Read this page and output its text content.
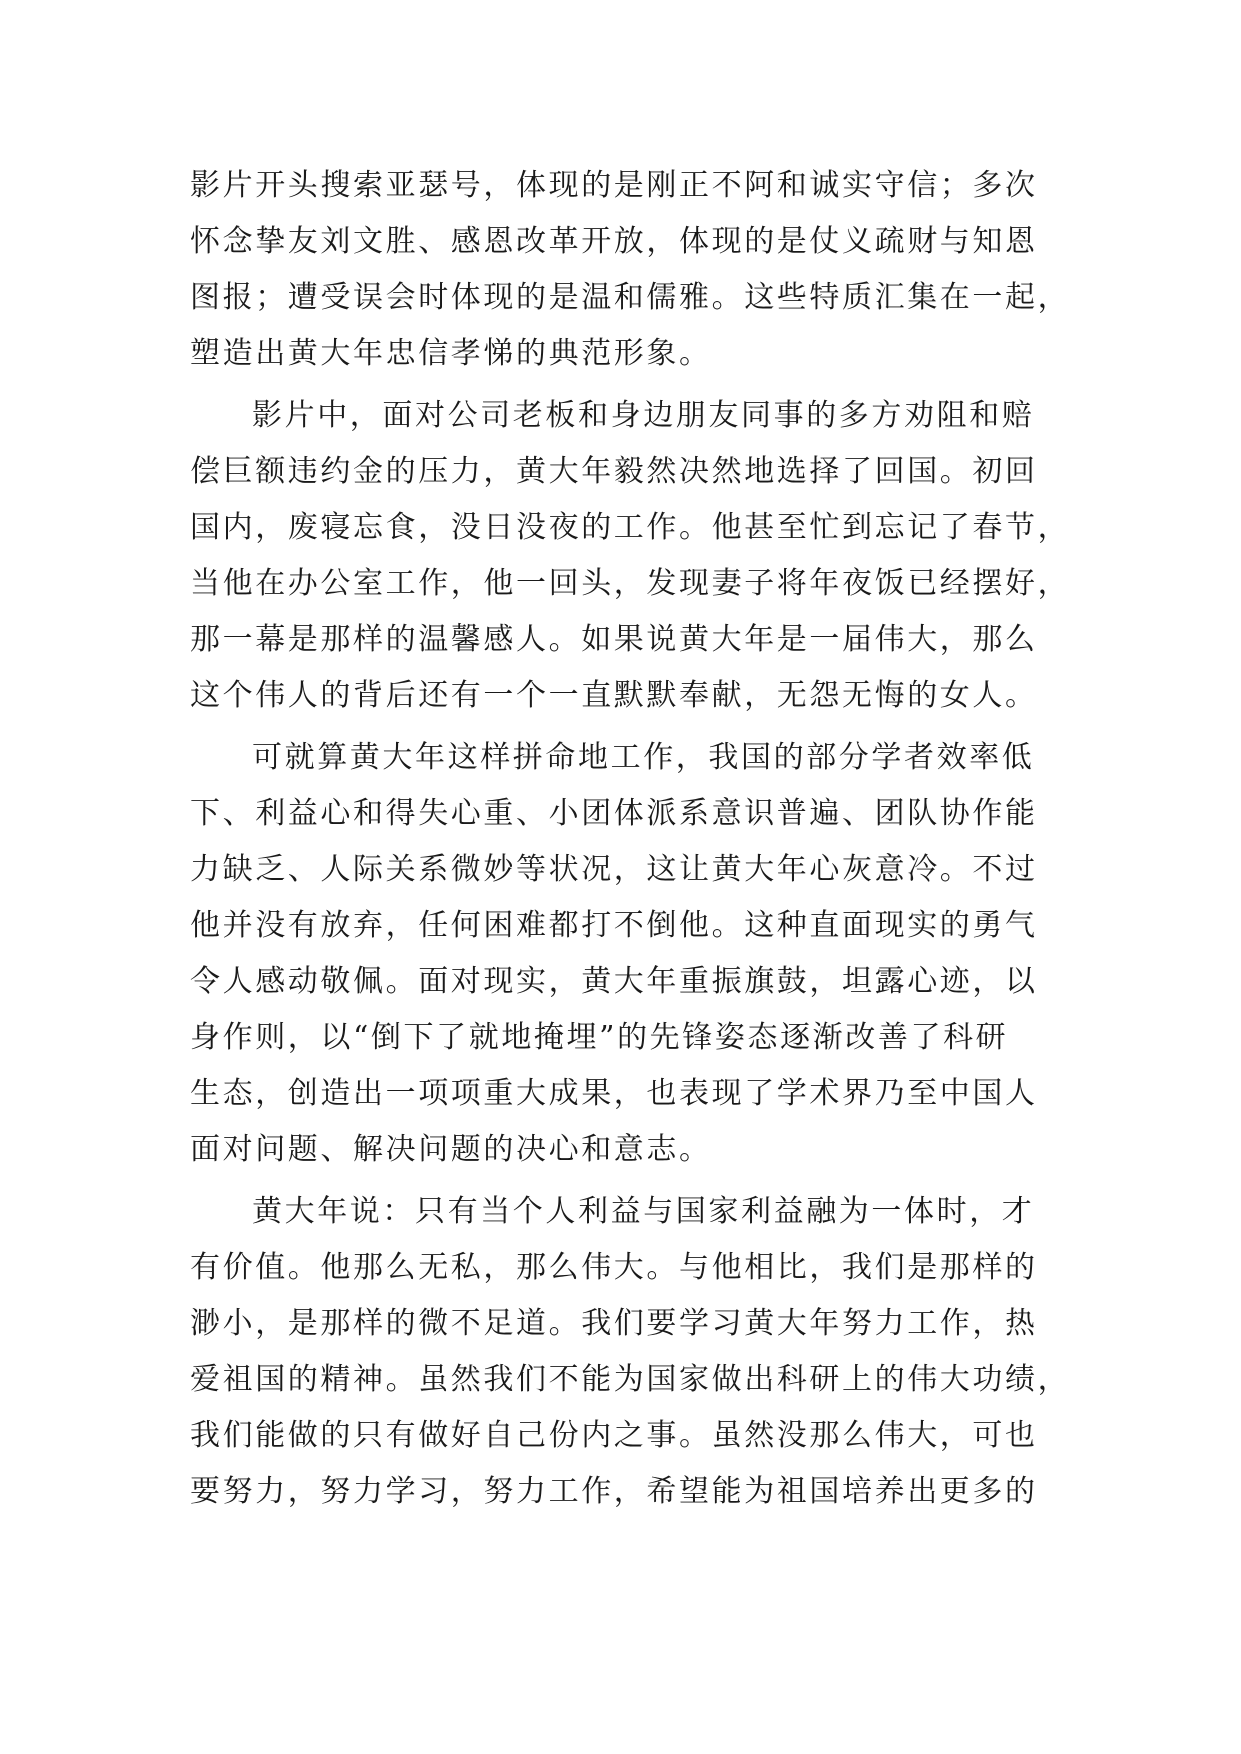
影片开头搜索亚瑟号，体现的是刚正不阿和诚实守信；多次
怀念挚友刘文胜、感恩改革开放，体现的是仗义疏财与知恩
图报；遭受误会时体现的是温和儒雅。这些特质汇集在一起，
塑造出黄大年忠信孝悌的典范形象。
影片中，面对公司老板和身边朋友同事的多方劝阻和赔
偿巨额违约金的压力，黄大年毅然决然地选择了回国。初回
国内，废寝忘食，没日没夜的工作。他甚至忙到忘记了春节，
当他在办公室工作，他一回头，发现妻子将年夜饭已经摆好，
那一幕是那样的温馨感人。如果说黄大年是一届伟大，那么
这个伟人的背后还有一个一直默默奉献，无怨无悔的女人。
可就算黄大年这样拼命地工作，我国的部分学者效率低
下、利益心和得失心重、小团体派系意识普遍、团队协作能
力缺乏、人际关系微妙等状况，这让黄大年心灰意冷。不过
他并没有放弃，任何困难都打不倒他。这种直面现实的勇气
令人感动敬佩。面对现实，黄大年重振旗鼓，坦露心迹，以
身作则，以“倒下了就地掩埋”的先锋姿态逐渐改善了科研
生态，创造出一项项重大成果，也表现了学术界乃至中国人
面对问题、解决问题的决心和意志。
黄大年说：只有当个人利益与国家利益融为一体时，才
有价值。他那么无私，那么伟大。与他相比，我们是那样的
渺小，是那样的微不足道。我们要学习黄大年努力工作，热
爱祖国的精神。虽然我们不能为国家做出科研上的伟大功绩，
我们能做的只有做好自己份内之事。虽然没那么伟大，可也
要努力，努力学习，努力工作，希望能为祖国培养出更多的
